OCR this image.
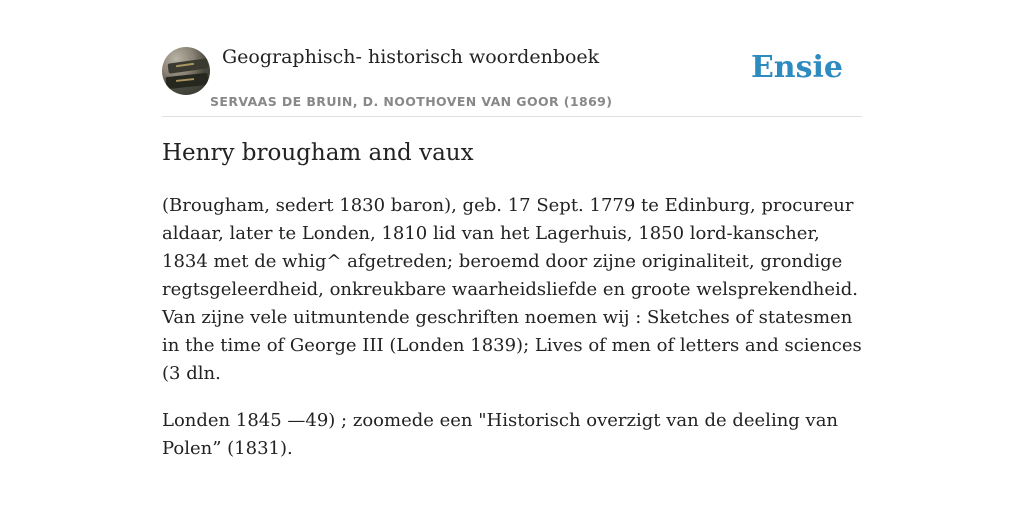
Geographisch- historisch woordenboek
SERVAAS DE BRUIN, D. NOOTHOVEN VAN GOOR (1869)
Ensie
Henry brougham and vaux

(Brougham, sedert 1830 baron), geb. 17 Sept. 1779 te Edinburg, procureur aldaar, later te Londen, 1810 lid van het Lagerhuis, 1850 lord-kanscher, 1834 met de whig^ afgetreden; beroemd door zijne originaliteit, grondige regtsgeleerdheid, onkreukbare waarheidsliefde en groote welsprekendheid. Van zijne vele uitmuntende geschriften noemen wij : Sketches of statesmen in the time of George III (Londen 1839); Lives of men of letters and sciences (3 dln.

Londen 1845 —49) ; zoomede een "Historisch overzigt van de deeling van Polen” (1831).
